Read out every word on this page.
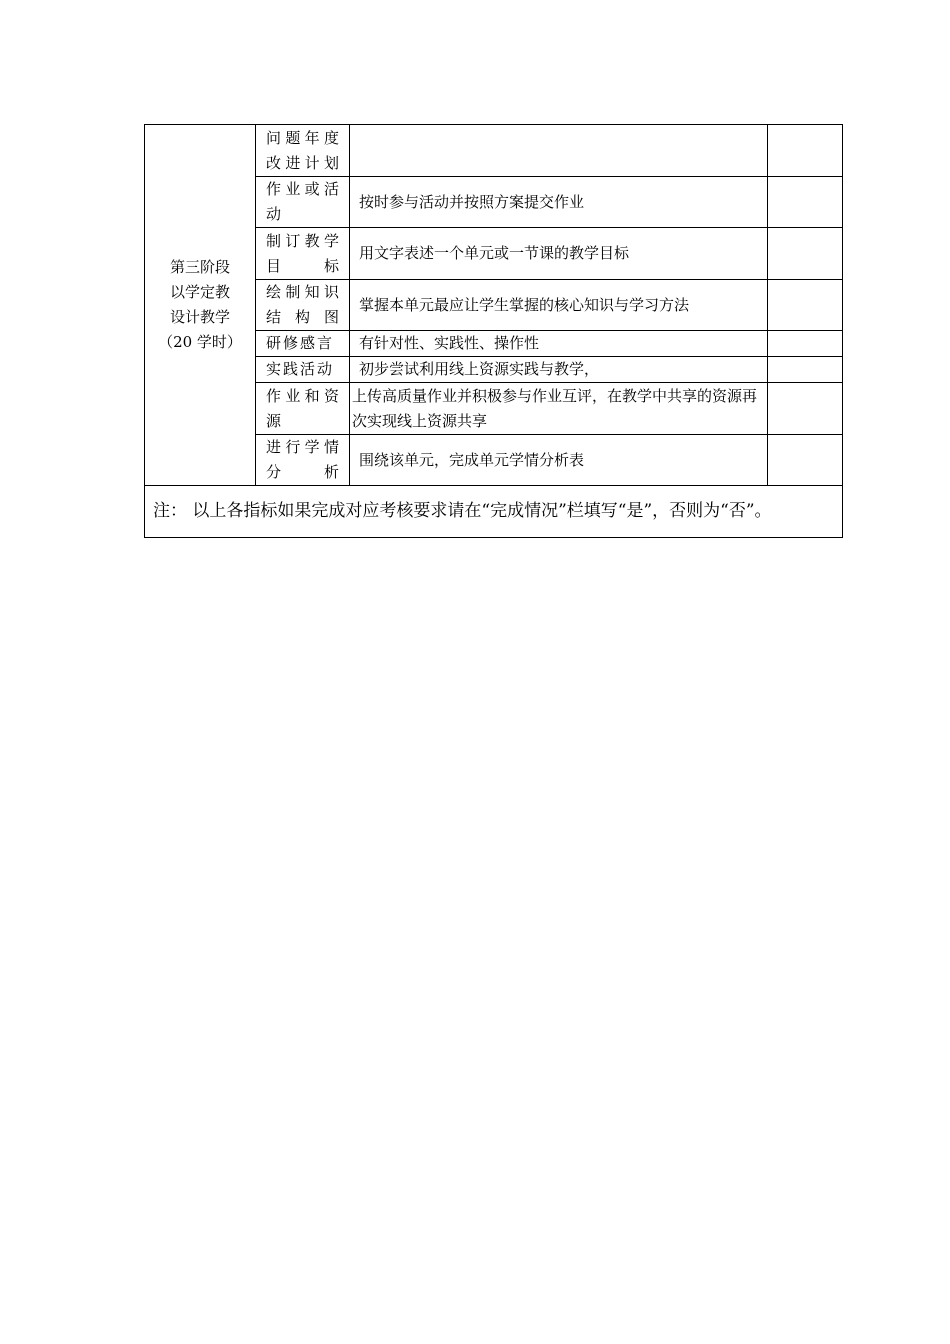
第三阶段
以学定教
设计教学
（20 学时）	问题年度改进计划		
	作业或活动	按时参与活动并按照方案提交作业	
	制订教学目标	用文字表述一个单元或一节课的教学目标	
	绘制知识结构图	掌握本单元最应让学生掌握的核心知识与学习方法	
	研修感言	有针对性、实践性、操作性	
	实践活动	初步尝试利用线上资源实践与教学，	
	作业和资源	上传高质量作业并积极参与作业互评，在教学中共享的资源再次实现线上资源共享	
	进行学情分析	围绕该单元，完成单元学情分析表	
注： 以上各指标如果完成对应考核要求请在“完成情况”栏填写“是”，否则为“否”。			
